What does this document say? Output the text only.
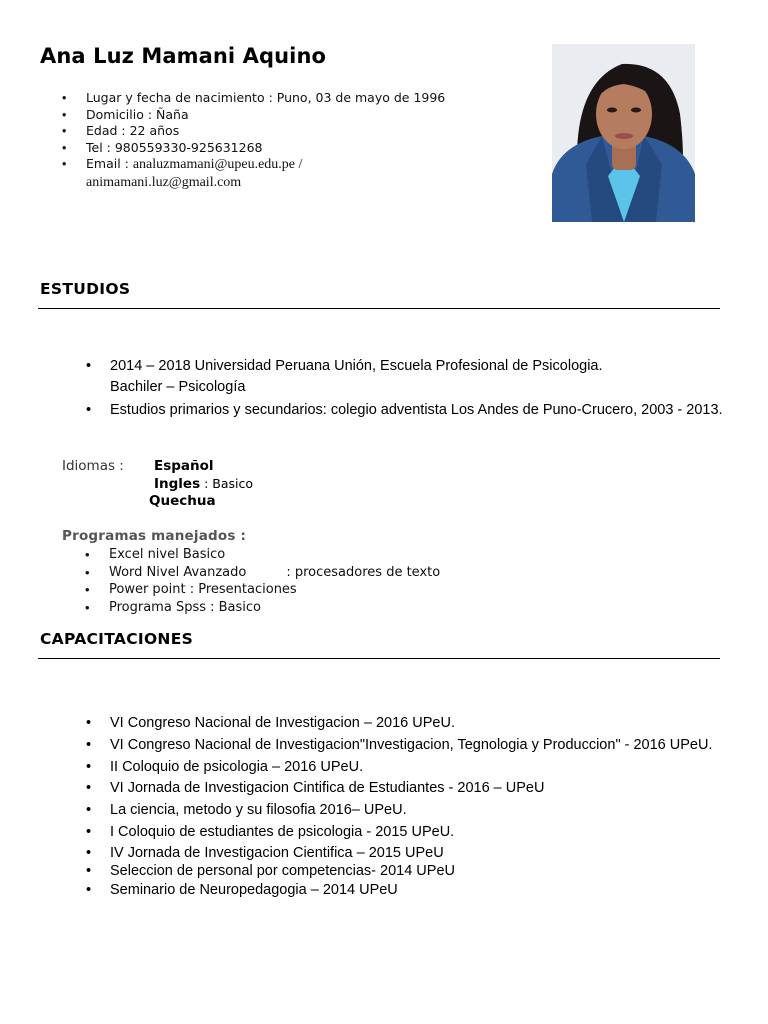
Ana Luz Mamani Aquino
• Lugar y fecha de nacimiento : Puno, 03 de mayo de 1996
• Domicilio : Ñaña
• Edad : 22 años
• Tel : 980559330-925631268
• Email : analuzmamani@upeu.edu.pe /
animamani.luz@gmail.com
ESTUDIOS
• 2014 – 2018 Universidad Peruana Unión, Escuela Profesional de Psicologia.
Bachiler – Psicología
• Estudios primarios y secundarios: colegio adventista Los Andes de Puno-Crucero, 2003 - 2013.
Idiomas : Español
Ingles : Basico
Quechua
Programas manejados :
• Excel nivel Basico
• Word Nivel Avanzado	: procesadores de texto
• Power point : Presentaciones
• Programa Spss : Basico
CAPACITACIONES
• VI Congreso Nacional de Investigacion – 2016 UPeU.
• VI Congreso Nacional de Investigacion"Investigacion, Tegnologia y Produccion" - 2016 UPeU.
• II Coloquio de psicologia – 2016 UPeU.
• VI Jornada de Investigacion Cintifica de Estudiantes - 2016 – UPeU
• La ciencia, metodo y su filosofia 2016– UPeU.
• I Coloquio de estudiantes de psicologia - 2015 UPeU.
• IV Jornada de Investigacion Cientifica – 2015 UPeU
• Seleccion de personal por competencias- 2014 UPeU
• Seminario de Neuropedagogia – 2014 UPeU
